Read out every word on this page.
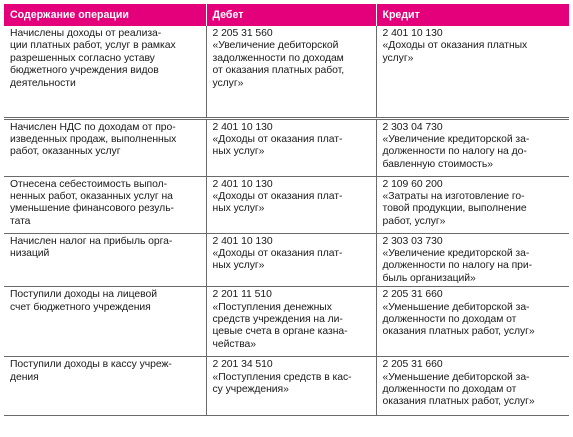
Содержание операции	Дебет	Кредит

Начислены доходы от реализа-
ции платных работ, услуг в рамках
разрешенных согласно уставу
бюджетного учреждения видов
деятельности	2 205 31 560
«Увеличение дебиторской
задолженности по доходам
от оказания платных работ,
услуг»	2 401 10 130
«Доходы от оказания платных
услуг»

Начислен НДС по доходам от про-
изведенных продаж, выполненных
работ, оказанных услуг	2 401 10 130
«Доходы от оказания плат-
ных услуг»	2 303 04 730
«Увеличение кредиторской за-
долженности по налогу на до-
бавленную стоимость»

Отнесена себестоимость выпол-
ненных работ, оказанных услуг на
уменьшение финансового резуль-
тата	2 401 10 130
«Доходы от оказания плат-
ных услуг»	2 109 60 200
«Затраты на изготовление го-
товой продукции, выполнение
работ, услуг»

Начислен налог на прибыль орга-
низаций	2 401 10 130
«Доходы от оказания плат-
ных услуг»	2 303 03 730
«Увеличение кредиторской за-
долженности по налогу на при-
быль организаций»

Поступили доходы на лицевой
счет бюджетного учреждения	2 201 11 510
«Поступления денежных
средств учреждения на ли-
цевые счета в органе казна-
чейства»	2 205 31 660
«Уменьшение дебиторской за-
долженности по доходам от
оказания платных работ, услуг»

Поступили доходы в кассу учреж-
дения	2 201 34 510
«Поступления средств в кас-
су учреждения»	2 205 31 660
«Уменьшение дебиторской за-
долженности по доходам от
оказания платных работ, услуг»
